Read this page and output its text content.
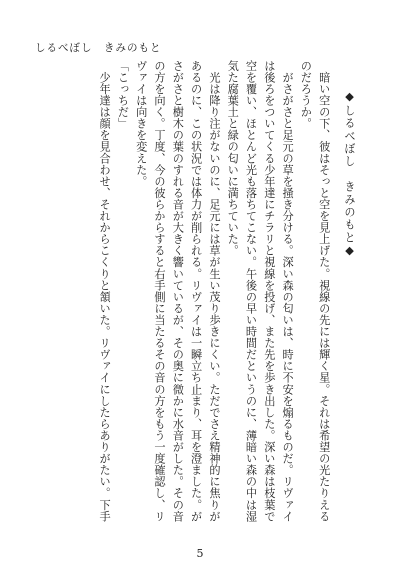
しるべぼし　きみのもと
◆しるべぼし　きみのもと◆
　暗い空の下、彼はそっと空を見上げた。視線の先には輝く星。それは希望の光たりえる
のだろうか。
　がさがさと足元の草を掻き分ける。深い森の匂いは、時に不安を煽るものだ。リヴァイ
は後ろをついてくる少年達にチラリと視線を投げ、また先を歩き出した。深い森は枝葉で
空を覆い、ほとんど光も落ちてこない。午後の早い時間だというのに、薄暗い森の中は湿
気た腐葉土と緑の匂いに満ちていた。
　光は降り注がないのに、足元には草が生い茂り歩きにくい。ただでさえ精神的に焦りが
あるのに、この状況では体力が削られる。リヴァイは一瞬立ち止まり、耳を澄ました。が
さがさと樹木の葉のすれる音が大きく響いているが、その奥に微かに水音がした。その音
の方を向く。丁度、今の彼らからすると右手側に当たるその音の方をもう一度確認し、リ
ヴァイは向きを変えた。
「こっちだ」
　少年達は顔を見合わせ、それからこくりと頷いた。リヴァイにしたらありがたい。下手
5
